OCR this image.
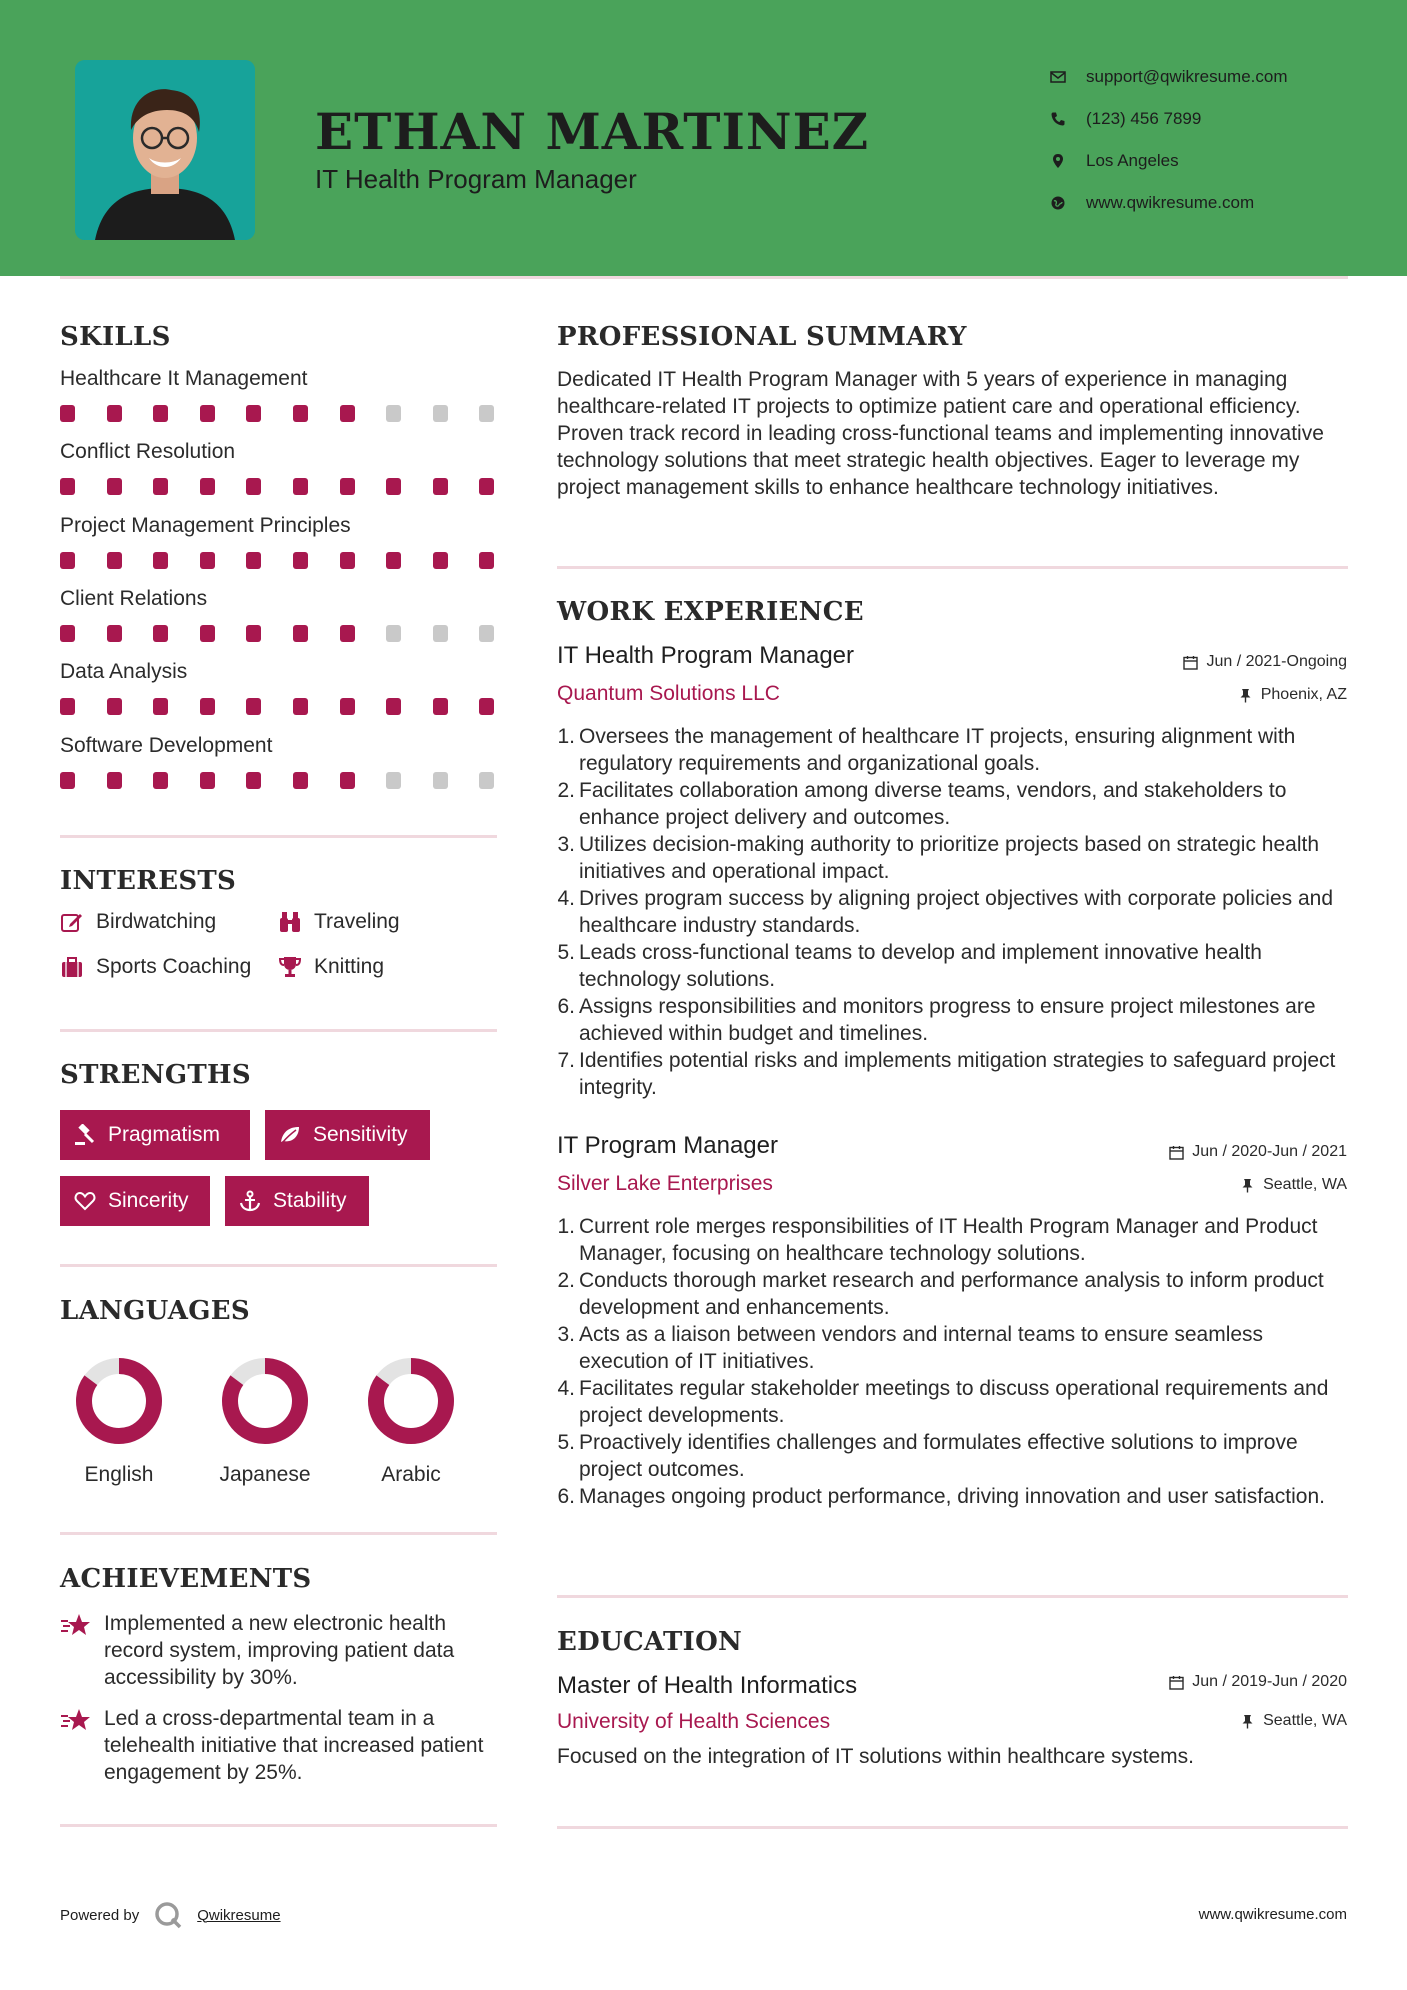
ETHAN MARTINEZ
IT Health Program Manager
support@qwikresume.com
(123) 456 7899
Los Angeles
www.qwikresume.com
SKILLS
Healthcare It Management
Conflict Resolution
Project Management Principles
Client Relations
Data Analysis
Software Development
INTERESTS
Birdwatching	Traveling
Sports Coaching	Knitting
STRENGTHS
Pragmatism	Sensitivity
Sincerity	Stability
LANGUAGES
English	Japanese	Arabic
ACHIEVEMENTS
Implemented a new electronic health record system, improving patient data accessibility by 30%.
Led a cross-departmental team in a telehealth initiative that increased patient engagement by 25%.
PROFESSIONAL SUMMARY
Dedicated IT Health Program Manager with 5 years of experience in managing healthcare-related IT projects to optimize patient care and operational efficiency. Proven track record in leading cross-functional teams and implementing innovative technology solutions that meet strategic health objectives. Eager to leverage my project management skills to enhance healthcare technology initiatives.
WORK EXPERIENCE
IT Health Program Manager	Jun / 2021-Ongoing
Quantum Solutions LLC	Phoenix, AZ
1. Oversees the management of healthcare IT projects, ensuring alignment with regulatory requirements and organizational goals.
2. Facilitates collaboration among diverse teams, vendors, and stakeholders to enhance project delivery and outcomes.
3. Utilizes decision-making authority to prioritize projects based on strategic health initiatives and operational impact.
4. Drives program success by aligning project objectives with corporate policies and healthcare industry standards.
5. Leads cross-functional teams to develop and implement innovative health technology solutions.
6. Assigns responsibilities and monitors progress to ensure project milestones are achieved within budget and timelines.
7. Identifies potential risks and implements mitigation strategies to safeguard project integrity.
IT Program Manager	Jun / 2020-Jun / 2021
Silver Lake Enterprises	Seattle, WA
1. Current role merges responsibilities of IT Health Program Manager and Product Manager, focusing on healthcare technology solutions.
2. Conducts thorough market research and performance analysis to inform product development and enhancements.
3. Acts as a liaison between vendors and internal teams to ensure seamless execution of IT initiatives.
4. Facilitates regular stakeholder meetings to discuss operational requirements and project developments.
5. Proactively identifies challenges and formulates effective solutions to improve project outcomes.
6. Manages ongoing product performance, driving innovation and user satisfaction.
EDUCATION
Master of Health Informatics	Jun / 2019-Jun / 2020
University of Health Sciences	Seattle, WA
Focused on the integration of IT solutions within healthcare systems.
Powered by	Qwikresume	www.qwikresume.com
